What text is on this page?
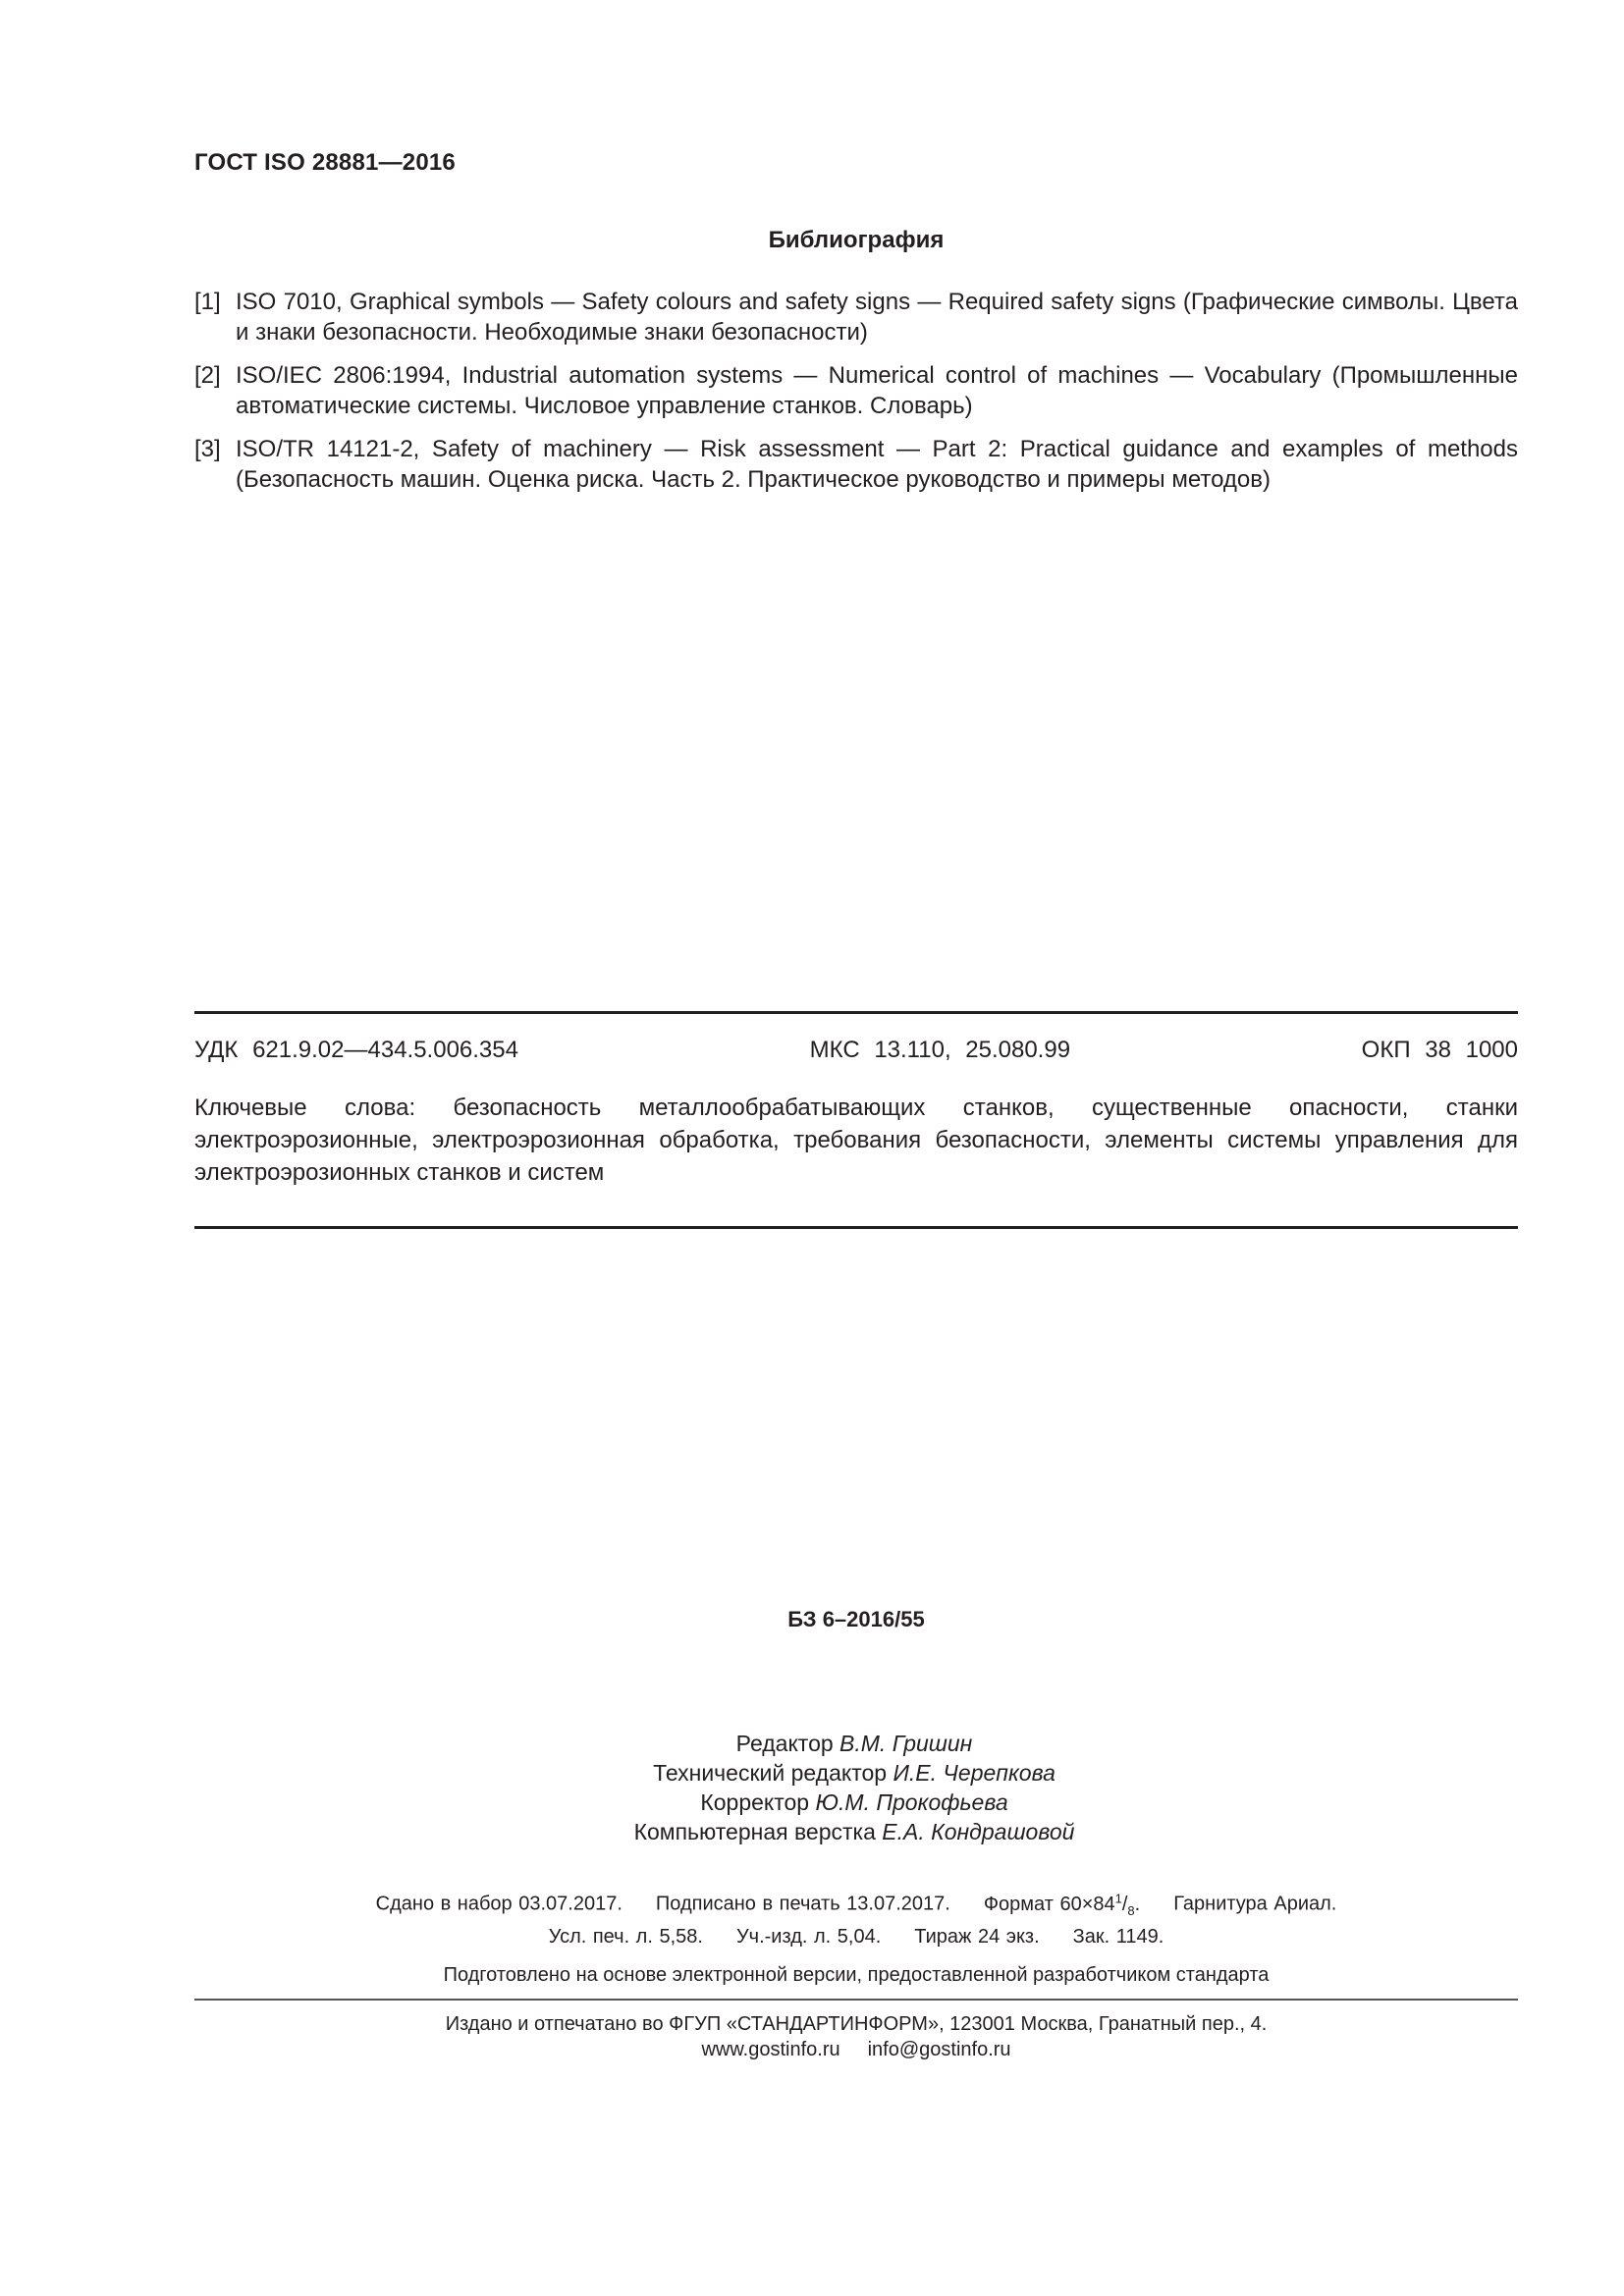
ГОСТ ISO 28881—2016
Библиография
[1] ISO 7010, Graphical symbols — Safety colours and safety signs — Required safety signs (Графические символы. Цвета и знаки безопасности. Необходимые знаки безопасности)
[2] ISO/IEC 2806:1994, Industrial automation systems — Numerical control of machines — Vocabulary (Промышленные автоматические системы. Числовое управление станков. Словарь)
[3] ISO/TR 14121-2, Safety of machinery — Risk assessment — Part 2: Practical guidance and examples of methods (Безопасность машин. Оценка риска. Часть 2. Практическое руководство и примеры методов)
УДК 621.9.02—434.5.006.354	МКС 13.110, 25.080.99	ОКП 38 1000
Ключевые слова: безопасность металлообрабатывающих станков, существенные опасности, станки электроэрозионные, электроэрозионная обработка, требования безопасности, элементы системы управления для электроэрозионных станков и систем
БЗ 6–2016/55
Редактор В.М. Гришин
Технический редактор И.Е. Черепкова
Корректор Ю.М. Прокофьева
Компьютерная верстка Е.А. Кондрашовой
Сдано в набор 03.07.2017. Подписано в печать 13.07.2017. Формат $60\times 84^1/_8$. Гарнитура Ариал.
Усл. печ. л. 5,58. Уч.-изд. л. 5,04. Тираж 24 экз. Зак. 1149.
Подготовлено на основе электронной версии, предоставленной разработчиком стандарта
Издано и отпечатано во ФГУП «СТАНДАРТИНФОРМ», 123001 Москва, Гранатный пер., 4.
www.gostinfo.ru info@gostinfo.ru
